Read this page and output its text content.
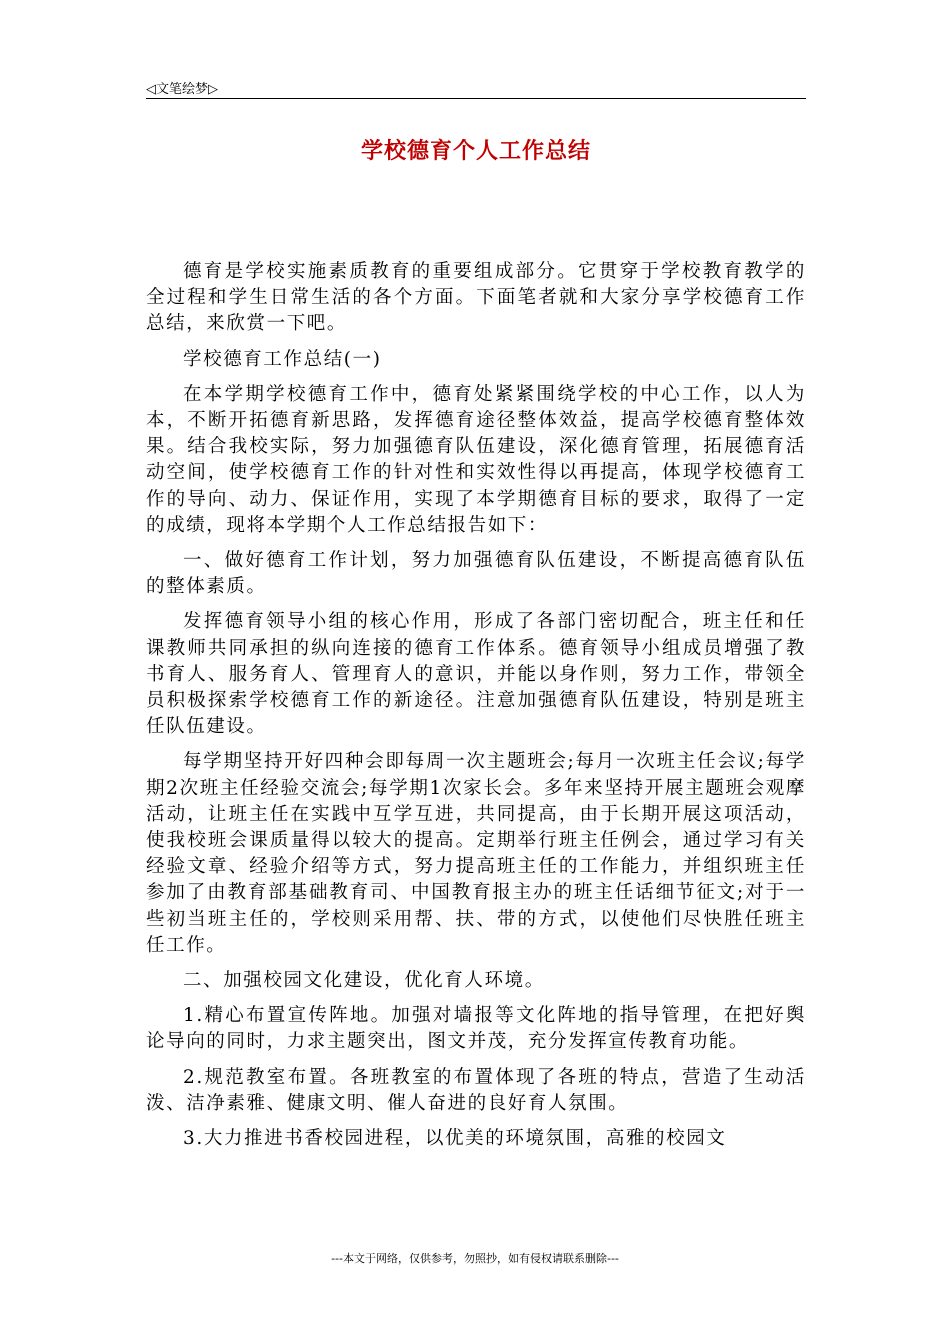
◁文笔绘梦▷
学校德育个人工作总结

德育是学校实施素质教育的重要组成部分。它贯穿于学校教育教学的全过程和学生日常生活的各个方面。下面笔者就和大家分享学校德育工作总结，来欣赏一下吧。

学校德育工作总结(一)

在本学期学校德育工作中，德育处紧紧围绕学校的中心工作，以人为本，不断开拓德育新思路，发挥德育途径整体效益，提高学校德育整体效果。结合我校实际，努力加强德育队伍建设，深化德育管理，拓展德育活动空间，使学校德育工作的针对性和实效性得以再提高，体现学校德育工作的导向、动力、保证作用，实现了本学期德育目标的要求，取得了一定的成绩，现将本学期个人工作总结报告如下：

一、做好德育工作计划，努力加强德育队伍建设，不断提高德育队伍的整体素质。

发挥德育领导小组的核心作用，形成了各部门密切配合，班主任和任课教师共同承担的纵向连接的德育工作体系。德育领导小组成员增强了教书育人、服务育人、管理育人的意识，并能以身作则，努力工作，带领全员积极探索学校德育工作的新途径。注意加强德育队伍建设，特别是班主任队伍建设。

每学期坚持开好四种会即每周一次主题班会;每月一次班主任会议;每学期2次班主任经验交流会;每学期1次家长会。多年来坚持开展主题班会观摩活动，让班主任在实践中互学互进，共同提高，由于长期开展这项活动，使我校班会课质量得以较大的提高。定期举行班主任例会，通过学习有关经验文章、经验介绍等方式，努力提高班主任的工作能力，并组织班主任参加了由教育部基础教育司、中国教育报主办的班主任话细节征文;对于一些初当班主任的，学校则采用帮、扶、带的方式，以使他们尽快胜任班主任工作。

二、加强校园文化建设，优化育人环境。

1.精心布置宣传阵地。加强对墙报等文化阵地的指导管理，在把好舆论导向的同时，力求主题突出，图文并茂，充分发挥宣传教育功能。

2.规范教室布置。各班教室的布置体现了各班的特点，营造了生动活泼、洁净素雅、健康文明、催人奋进的良好育人氛围。

3.大力推进书香校园进程，以优美的环境氛围，高雅的校园文

---本文于网络，仅供参考，勿照抄，如有侵权请联系删除---
